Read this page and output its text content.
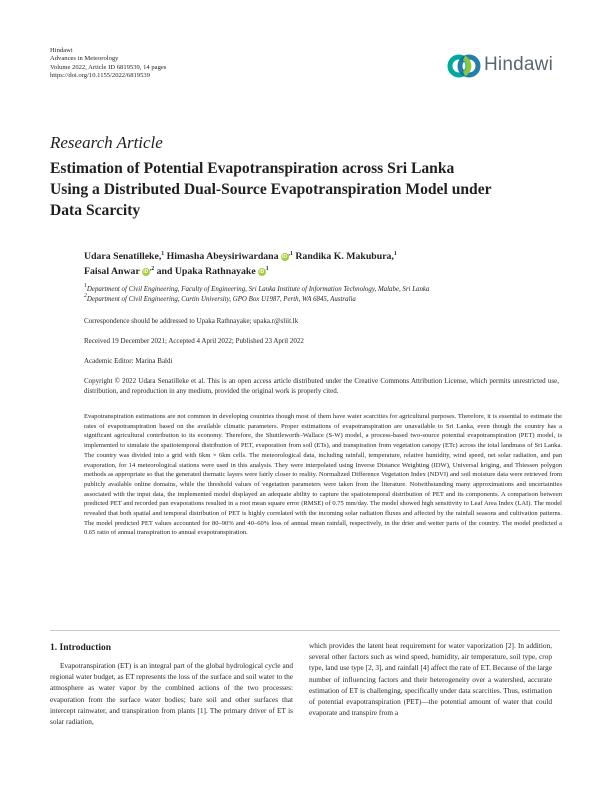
Hindawi
Advances in Meteorology
Volume 2022, Article ID 6819539, 14 pages
https://doi.org/10.1155/2022/6819539
Hindawi
Research Article
Estimation of Potential Evapotranspiration across Sri Lanka
Using a Distributed Dual-Source Evapotranspiration Model under
Data Scarcity
Udara Senatilleke,$^1$ Himasha Abeysiriwardana iD $^{,1}$ Randika K. Makubura,$^1$
Faisal Anwar iD $^{,2}$ and Upaka Rathnayake iD $^1$
$^1$Department of Civil Engineering, Faculty of Engineering, Sri Lanka Institute of Information Technology, Malabe, Sri Lanka
$^2$Department of Civil Engineering, Curtin University, GPO Box U1987, Perth, WA 6845, Australia
Correspondence should be addressed to Upaka Rathnayake; upaka.r@sliit.lk
Received 19 December 2021; Accepted 4 April 2022; Published 23 April 2022
Academic Editor: Marina Baldi
Copyright © 2022 Udara Senatilleke et al. This is an open access article distributed under the Creative Commons Attribution License, which permits unrestricted use, distribution, and reproduction in any medium, provided the original work is properly cited.
Evapotranspiration estimations are not common in developing countries though most of them have water scarcities for agricultural purposes. Therefore, it is essential to estimate the rates of evapotranspiration based on the available climatic parameters. Proper estimations of evapotranspiration are unavailable to Sri Lanka, even though the country has a significant agricultural contribution to its economy. Therefore, the Shuttleworth–Wallace (S-W) model, a process-based two-source potential evapotranspiration (PET) model, is implemented to simulate the spatiotemporal distribution of PET, evaporation from soil (ETs), and transpiration from vegetation canopy (ETc) across the total landmass of Sri Lanka. The country was divided into a grid with 6km × 6km cells. The meteorological data, including rainfall, temperature, relative humidity, wind speed, net solar radiation, and pan evaporation, for 14 meteorological stations were used in this analysis. They were interpolated using Inverse Distance Weighting (IDW), Universal kriging, and Thiessen polygon methods as appropriate so that the generated thematic layers were fairly closer to reality. Normalized Difference Vegetation Index (NDVI) and soil moisture data were retrieved from publicly available online domains, while the threshold values of vegetation parameters were taken from the literature. Notwithstanding many approximations and uncertainties associated with the input data, the implemented model displayed an adequate ability to capture the spatiotemporal distribution of PET and its components. A comparison between predicted PET and recorded pan evaporations resulted in a root mean square error (RMSE) of 0.75 mm/day. The model showed high sensitivity to Leaf Area Index (LAI). The model revealed that both spatial and temporal distribution of PET is highly correlated with the incoming solar radiation fluxes and affected by the rainfall seasons and cultivation patterns. The model predicted PET values accounted for 80–90% and 40–60% loss of annual mean rainfall, respectively, in the drier and wetter parts of the country. The model predicted a 0.65 ratio of annual transpiration to annual evapotranspiration.
1. Introduction
Evapotranspiration (ET) is an integral part of the global hydrological cycle and regional water budget, as ET represents the loss of the surface and soil water to the atmosphere as water vapor by the combined actions of the two processes: evaporation from the surface water bodies; bare soil and other surfaces that intercept rainwater, and transpiration from plants [1]. The primary driver of ET is solar radiation,
which provides the latent heat requirement for water vaporization [2]. In addition, several other factors such as wind speed, humidity, air temperature, soil type, crop type, land use type [2, 3], and rainfall [4] affect the rate of ET. Because of the large number of influencing factors and their heterogeneity over a watershed, accurate estimation of ET is challenging, specifically under data scarcities. Thus, estimation of potential evapotranspiration (PET)—the potential amount of water that could evaporate and transpire from a
